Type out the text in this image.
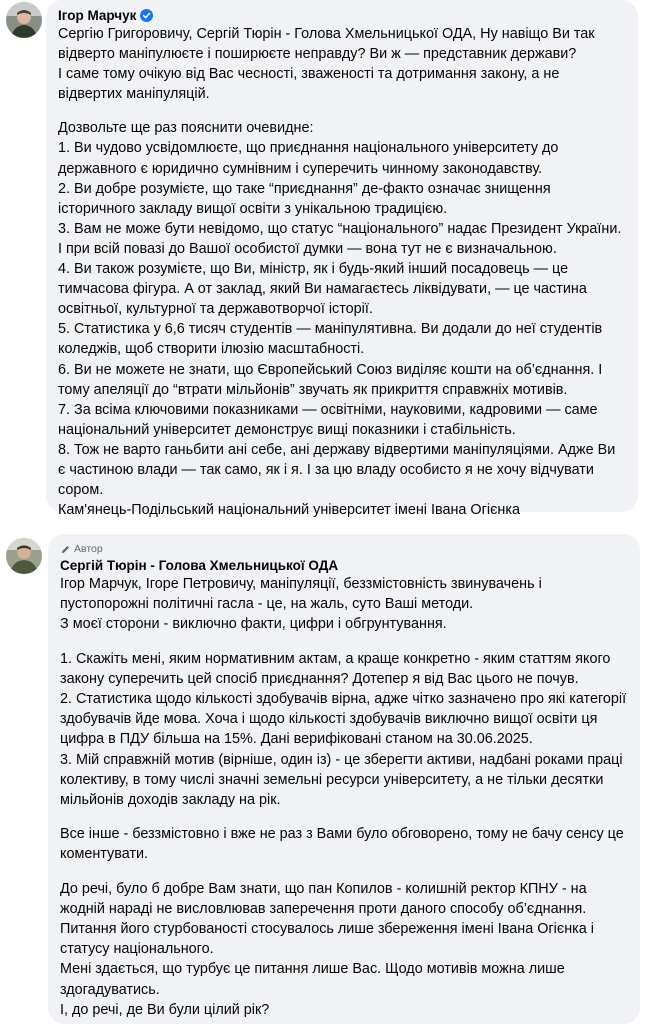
Ігор Марчук

Сергію Григоровичу, Сергій Тюрін - Голова Хмельницької ОДА, Ну навіщо Ви так відверто маніпулюєте і поширюєте неправду? Ви ж — представник держави?
І саме тому очікую від Вас чесності, зваженості та дотримання закону, а не відвертих маніпуляцій.

Дозвольте ще раз пояснити очевидне:
1. Ви чудово усвідомлюєте, що приєднання національного університету до державного є юридично сумнівним і суперечить чинному законодавству.
2. Ви добре розумієте, що таке “приєднання” де-факто означає знищення історичного закладу вищої освіти з унікальною традицією.
3. Вам не може бути невідомо, що статус “національного” надає Президент України. І при всій повазі до Вашої особистої думки — вона тут не є визначальною.
4. Ви також розумієте, що Ви, міністр, як і будь-який інший посадовець — це тимчасова фігура. А от заклад, який Ви намагаєтесь ліквідувати, — це частина освітньої, культурної та державотворчої історії.
5. Статистика у 6,6 тисяч студентів — маніпулятивна. Ви додали до неї студентів коледжів, щоб створити ілюзію масштабності.
6. Ви не можете не знати, що Європейський Союз виділяє кошти на об’єднання. І тому апеляції до “втрати мільйонів” звучать як прикриття справжніх мотивів.
7. За всіма ключовими показниками — освітніми, науковими, кадровими — саме національний університет демонструє вищі показники і стабільність.
8. Тож не варто ганьбити ані себе, ані державу відвертими маніпуляціями. Адже Ви є частиною влади — так само, як і я. І за цю владу особисто я не хочу відчувати сором.
Кам'янець-Подільський національний університет імені Івана Огієнка

Автор
Сергій Тюрін - Голова Хмельницької ОДА

Ігор Марчук, Ігоре Петровичу, маніпуляції, беззмістовність звинувачень і пустопорожні політичні гасла - це, на жаль, суто Ваші методи.
З моєї сторони - виключно факти, цифри і обгрунтування.

1. Скажіть мені, яким нормативним актам, а краще конкретно - яким статтям якого закону суперечить цей спосіб приєднання? Дотепер я від Вас цього не почув.
2. Статистика щодо кількості здобувачів вірна, адже чітко зазначено про які категорії здобувачів йде мова. Хоча і щодо кількості здобувачів виключно вищої освіти ця цифра в ПДУ більша на 15%. Дані верифіковані станом на 30.06.2025.
3. Мій справжній мотив (вірніше, один із) - це зберегти активи, надбані роками праці колективу, в тому числі значні земельні ресурси університету, а не тільки десятки мільйонів доходів закладу на рік.

Все інше - беззмістовно і вже не раз з Вами було обговорено, тому не бачу сенсу це коментувати.

До речі, було б добре Вам знати, що пан Копилов - колишній ректор КПНУ - на жодній нараді не висловлював заперечення проти даного способу об’єднання. Питання його стурбованості стосувалось лише збереження імені Івана Огієнка і статусу національного.
Мені здається, що турбує це питання лише Вас. Щодо мотивів можна лише здогадуватись.
І, до речі, де Ви були цілий рік?
